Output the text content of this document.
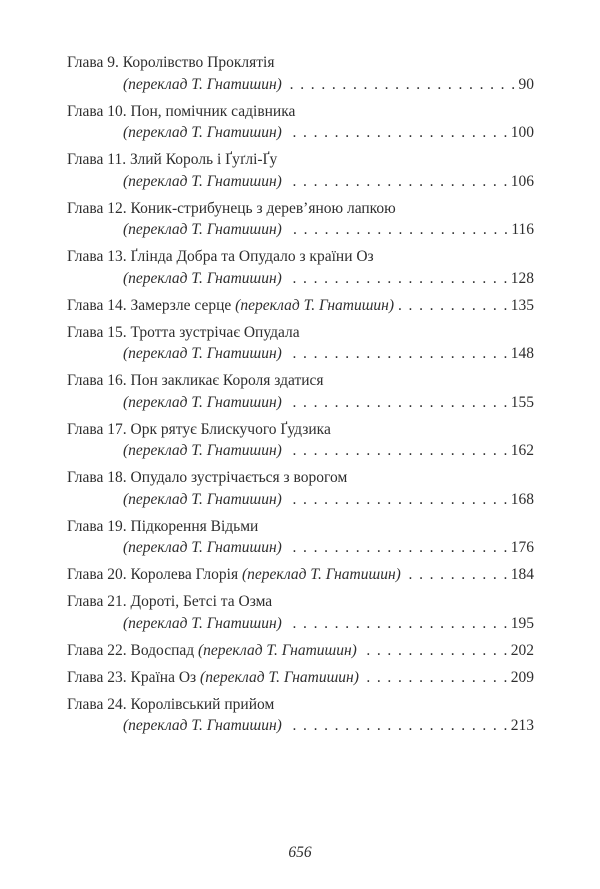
Глава 9. Королівство Проклятія
(переклад Т. Гнатишин) . . .	90
Глава 10. Пон, помічник садівника
(переклад Т. Гнатишин) . . .	100
Глава 11. Злий Король і Ґуґлі-Ґу
(переклад Т. Гнатишин) . . .	106
Глава 12. Коник-стрибунець з дерев’яною лапкою
(переклад Т. Гнатишин) . . .	116
Глава 13. Ґлінда Добра та Опудало з країни Оз
(переклад Т. Гнатишин) . . .	128
Глава 14. Замерзле серце
(переклад Т. Гнатишин) . . .	135
Глава 15. Тротта зустрічає Опудала
(переклад Т. Гнатишин) . . .	148
Глава 16. Пон закликає Короля здатися
(переклад Т. Гнатишин) . . .	155
Глава 17. Орк рятує Блискучого Ґудзика
(переклад Т. Гнатишин) . . .	162
Глава 18. Опудало зустрічається з ворогом
(переклад Т. Гнатишин) . . .	168
Глава 19. Підкорення Відьми
(переклад Т. Гнатишин) . . .	176
Глава 20. Королева Глорія
(переклад Т. Гнатишин) . . .	184
Глава 21. Дороті, Бетсі та Озма
(переклад Т. Гнатишин) . . .	195
Глава 22. Водоспад
(переклад Т. Гнатишин) . . .	202
Глава 23. Країна Оз
(переклад Т. Гнатишин) . . .	209
Глава 24. Королівський прийом
(переклад Т. Гнатишин) . . .	213
656
